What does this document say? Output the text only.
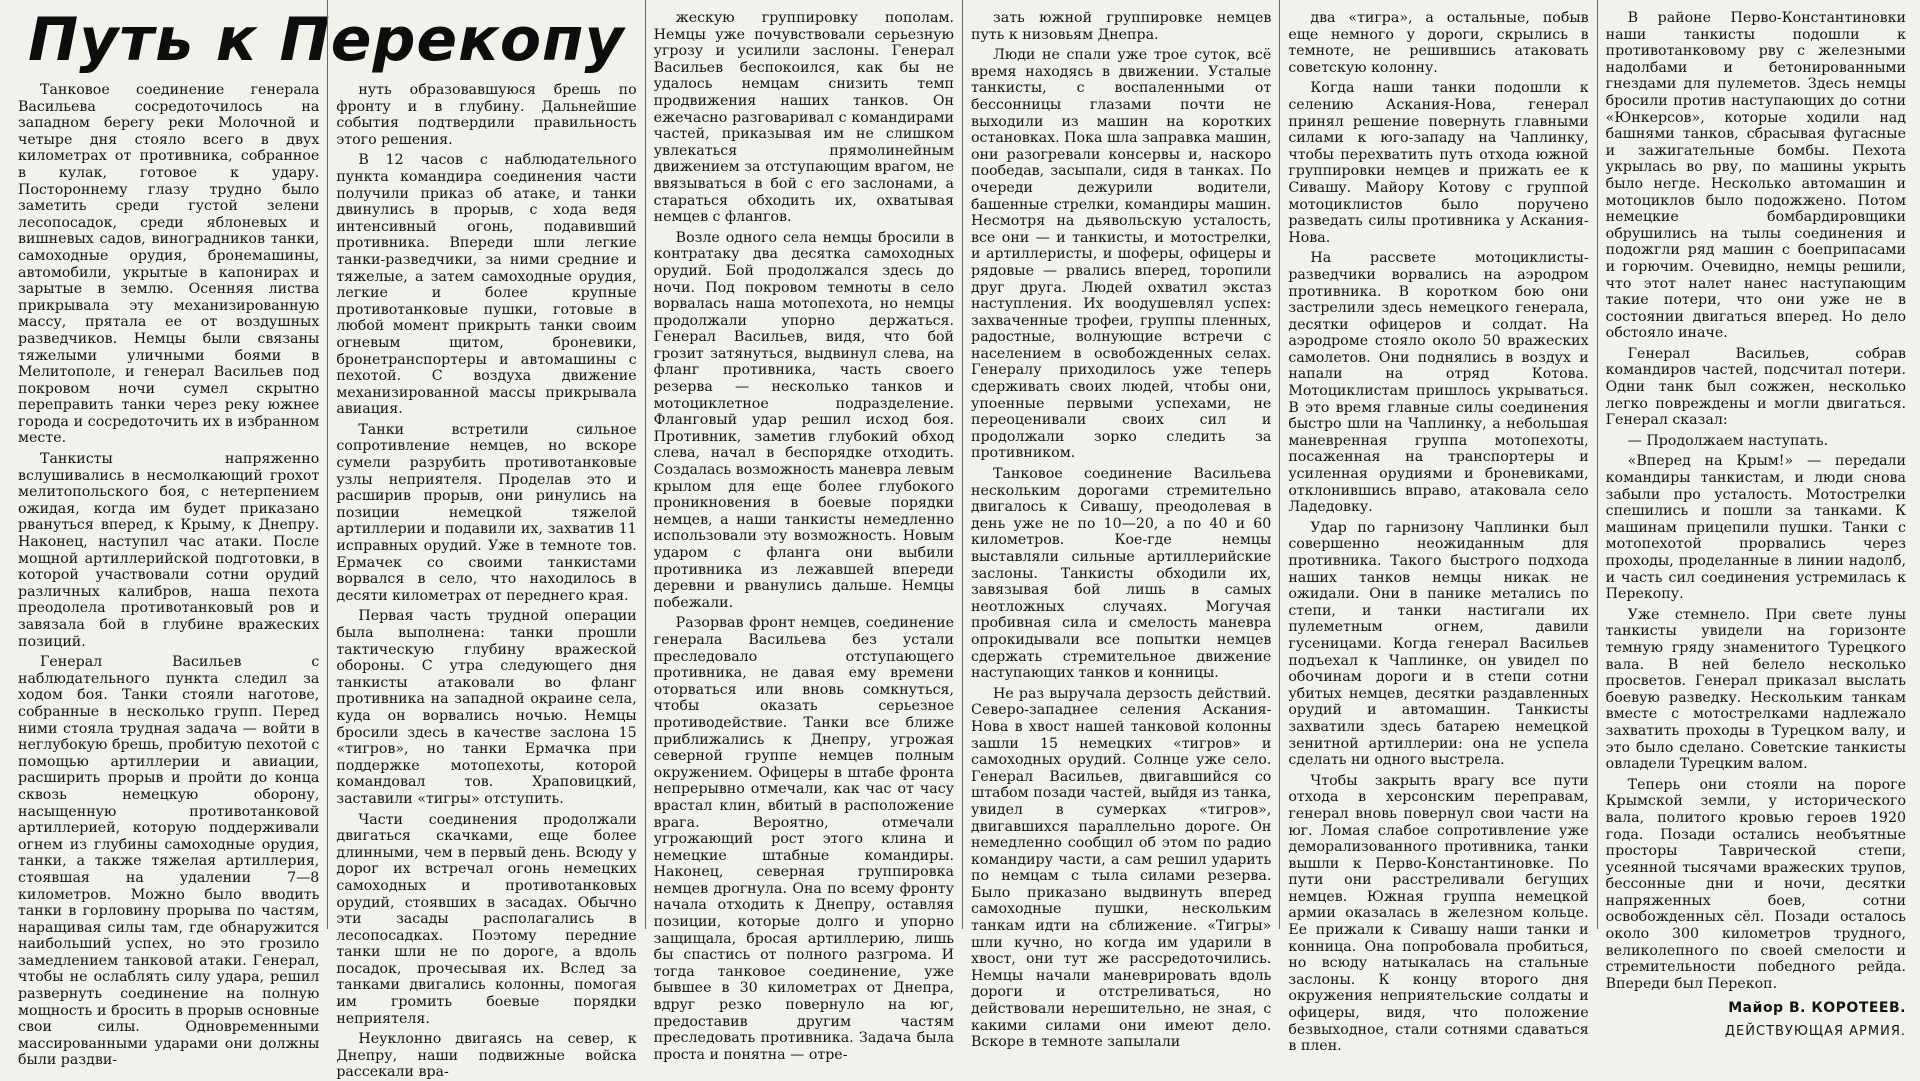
Путь к Перекопу

Танковое соединение генерала Васильева сосредоточилось на западном берегу реки Молочной и четыре дня стояло всего в двух километрах от противника, собранное в кулак, готовое к удару. Постороннему глазу трудно было заметить среди густой зелени лесопосадок, среди яблоневых и вишневых садов, виноградников танки, самоходные орудия, бронемашины, автомобили, укрытые в капонирах и зарытые в землю. Осенняя листва прикрывала эту механизированную массу, пряталa ее от воздушных разведчиков. Немцы были связаны тяжелыми уличными боями в Мелитополе, и генерал Васильев под покровом ночи сумел скрытно переправить танки через реку южнее города и сосредоточить их в избранном месте.

Танкисты напряженно вслушивались в несмолкающий грохот мелитопольского боя, с нетерпением ожидая, когда им будет приказано рвануться вперед, к Крыму, к Днепру. Наконец, наступил час атаки. После мощной артиллерийской подготовки, в которой участвовали сотни орудий различных калибров, наша пехота преодолела противотанковый ров и завязала бой в глубине вражеских позиций.

Генерал Васильев с наблюдательного пункта следил за ходом боя. Танки стояли наготове, собранные в несколько групп. Перед ними стояла трудная задача — войти в неглубокую брешь, пробитую пехотой с помощью артиллерии и авиации, расширить прорыв и пройти до конца сквозь немецкую оборону, насыщенную противотанковой артиллерией, которую поддерживали огнем из глубины самоходные орудия, танки, а также тяжелая артиллерия, стоявшая на удалении 7—8 километров. Можно было вводить танки в горловину прорыва по частям, наращивая силы там, где обнаружится наибольший успех, но это грозило замедлением танковой атаки. Генерал, чтобы не ослаблять силу удара, решил развернуть соединение на полную мощность и бросить в прорыв основные свои силы. Одновременными массированными ударами они должны были раздви-

нуть образовавшуюся брешь по фронту и в глубину. Дальнейшие события подтвердили правильность этого решения.

В 12 часов с наблюдательного пункта командира соединения части получили приказ об атаке, и танки двинулись в прорыв, с хода ведя интенсивный огонь, подавивший противника. Впереди шли легкие танки-разведчики, за ними средние и тяжелые, а затем самоходные орудия, легкие и более крупные противотанковые пушки, готовые в любой момент прикрыть танки своим огневым щитом, броневики, бронетранспортеры и автомашины с пехотой. С воздуха движение механизированной массы прикрывала авиация.

Танки встретили сильное сопротивление немцев, но вскоре сумели разрубить противотанковые узлы неприятеля. Проделав это и расширив прорыв, они ринулись на позиции немецкой тяжелой артиллерии и подавили их, захватив 11 исправных орудий. Уже в темноте тов. Ермачек со своими танкистами ворвался в село, что находилось в десяти километрах от переднего края.

Первая часть трудной операции была выполнена: танки прошли тактическую глубину вражеской обороны. С утра следующего дня танкисты атаковали во фланг противника на западной окраине села, куда он ворвались ночью. Немцы бросили здесь в качестве заслона 15 «тигров», но танки Ермачка при поддержке мотопехоты, которой командовал тов. Храповицкий, заставили «тигры» отступить.

Части соединения продолжали двигаться скачками, еще более длинными, чем в первый день. Всюду у дорог их встречал огонь немецких самоходных и противотанковых орудий, стоявших в засадах. Обычно эти засады располагались в лесопосадках. Поэтому передние танки шли не по дороге, а вдоль посадок, прочесывая их. Вслед за танками двигались колонны, помогая им громить боевые порядки неприятеля.

Неуклонно двигаясь на север, к Днепру, наши подвижные войска рассекали вра-

жескую группировку пополам. Немцы уже почувствовали серьезную угрозу и усилили заслоны. Генерал Васильев беспокоился, как бы не удалось немцам снизить темп продвижения наших танков. Он ежечасно разговаривал с командирами частей, приказывая им не слишком увлекаться прямолинейным движением за отступающим врагом, не ввязываться в бой с его заслонами, а стараться обходить их, охватывая немцев с флангов.

Возле одного села немцы бросили в контратаку два десятка самоходных орудий. Бой продолжался здесь до ночи. Под покровом темноты в село ворвалась наша мотопехота, но немцы продолжали упорно держаться. Генерал Васильев, видя, что бой грозит затянуться, выдвинул слева, на фланг противника, часть своего резерва — несколько танков и мотоциклетное подразделение. Фланговый удар решил исход боя. Противник, заметив глубокий обход слева, начал в беспорядке отходить. Создалась возможность маневра левым крылом для еще более глубокого проникновения в боевые порядки немцев, а наши танкисты немедленно использовали эту возможность. Новым ударом с фланга они выбили противника из лежавшей впереди деревни и рванулись дальше. Немцы побежали.

Разорвав фронт немцев, соединение генерала Васильева без устали преследовало отступающего противника, не давая ему времени оторваться или вновь сомкнуться, чтобы оказать серьезное противодействие. Танки все ближе приближались к Днепру, угрожая северной группе немцев полным окружением. Офицеры в штабе фронта непрерывно отмечали, как час от часу врастал клин, вбитый в расположение врага. Вероятно, отмечали угрожающий рост этого клина и немецкие штабные командиры. Наконец, северная группировка немцев дрогнула. Она по всему фронту начала отходить к Днепру, оставляя позиции, которые долго и упорно защищала, бросая артиллерию, лишь бы спастись от полного разгрома. И тогда танковое соединение, уже бывшее в 30 километрах от Днепра, вдруг резко повернуло на юг, предоставив другим частям преследовать противника. Задача была проста и понятна — отре-

зать южной группировке немцев путь к низовьям Днепра.

Люди не спали уже трое суток, всё время находясь в движении. Усталые танкисты, с воспаленными от бессонницы глазами почти не выходили из машин на коротких остановках. Пока шла заправка машин, они разогревали консервы и, наскоро пообедав, засыпали, сидя в танках. По очереди дежурили водители, башенные стрелки, командиры машин. Несмотря на дьявольскую усталость, все они — и танкисты, и мотострелки, и артиллеристы, и шоферы, офицеры и рядовые — рвались вперед, торопили друг друга. Людей охватил экстаз наступления. Их воодушевлял успех: захваченные трофеи, группы пленных, радостные, волнующие встречи с населением в освобожденных селах. Генералу приходилось уже теперь сдерживать своих людей, чтобы они, упоенные первыми успехами, не переоценивали своих сил и продолжали зорко следить за противником.

Танковое соединение Васильева нескольким дорогами стремительно двигалось к Сивашу, преодолевая в день уже не по 10—20, а по 40 и 60 километров. Кое-где немцы выставляли сильные артиллерийские заслоны. Танкисты обходили их, завязывая бой лишь в самых неотложных случаях. Могучая пробивная сила и смелость маневра опрокидывали все попытки немцев сдержать стремительное движение наступающих танков и конницы.

Не раз выручала дерзость действий. Северо-западнее селения Аскания-Нова в хвост нашей танковой колонны зашли 15 немецких «тигров» и самоходных орудий. Солнце уже село. Генерал Васильев, двигавшийся со штабом позади частей, выйдя из танка, увидел в сумерках «тигров», двигавшихся параллельно дороге. Он немедленно сообщил об этом по радио командиру части, а сам решил ударить по немцам с тыла силами резерва. Было приказано выдвинуть вперед самоходные пушки, нескольким танкам идти на сближение. «Тигры» шли кучно, но когда им ударили в хвост, они тут же рассредоточились. Немцы начали маневрировать вдоль дороги и отстреливаться, но действовали нерешительно, не зная, с какими силами они имеют дело. Вскоре в темноте запылали

два «тигра», а остальные, побыв еще немного у дороги, скрылись в темноте, не решившись атаковать советскую колонну.

Когда наши танки подошли к селению Аскания-Нова, генерал принял решение повернуть главными силами к юго-западу на Чаплинку, чтобы перехватить путь отхода южной группировки немцев и прижать ее к Сивашу. Майору Котову с группой мотоциклистов было поручено разведать силы противника у Аскания-Нова.

На рассвете мотоциклисты-разведчики ворвались на аэродром противника. В коротком бою они застрелили здесь немецкого генерала, десятки офицеров и солдат. На аэродроме стояло около 50 вражеских самолетов. Они поднялись в воздух и напали на отряд Котова. Мотоциклистам пришлось укрываться. В это время главные силы соединения быстро шли на Чаплинку, а небольшая маневренная группа мотопехоты, посаженная на транспортеры и усиленная орудиями и броневиками, отклонившись вправо, атаковала село Ладедовку.

Удар по гарнизону Чаплинки был совершенно неожиданным для противника. Такого быстрого подхода наших танков немцы никак не ожидали. Они в панике метались по степи, и танки настигали их пулеметным огнем, давили гусеницами. Когда генерал Васильев подъехал к Чаплинке, он увидел по обочинам дороги и в степи сотни убитых немцев, десятки раздавленных орудий и автомашин. Танкисты захватили здесь батарею немецкой зенитной артиллерии: она не успела сделать ни одного выстрела.

Чтобы закрыть врагу все пути отхода в херсонским переправам, генерал вновь повернул свои части на юг. Ломая слабое сопротивление уже деморализованного противника, танки вышли к Перво-Константиновке. По пути они расстреливали бегущих немцев. Южная группа немецкой армии оказалась в железном кольце. Ее прижали к Сивашу наши танки и конница. Она попробовала пробиться, но всюду натыкалась на стальные заслоны. К концу второго дня окружения неприятельские солдаты и офицеры, видя, что положение безвыходное, стали сотнями сдаваться в плен.

В районе Перво-Константиновки наши танкисты подошли к противотанковому рву с железными надолбами и бетонированными гнездами для пулеметов. Здесь немцы бросили против наступающих до сотни «Юнкерсов», которые ходили над башнями танков, сбрасывая фугасные и зажигательные бомбы. Пехота укрылась во рву, по машины укрыть было негде. Несколько автомашин и мотоциклов было подожжено. Потом немецкие бомбардировщики обрушились на тылы соединения и подожгли ряд машин с боеприпасами и горючим. Очевидно, немцы решили, что этот налет нанес наступающим такие потери, что они уже не в состоянии двигаться вперед. Но дело обстояло иначе.

Генерал Васильев, собрав командиров частей, подсчитал потери. Одни танк был сожжен, несколько легко повреждены и могли двигаться. Генерал сказал:

— Продолжаем наступать.

«Вперед на Крым!» — передали командиры танкистам, и люди снова забыли про усталость. Мотострелки спешились и пошли за танками. К машинам прицепили пушки. Танки с мотопехотой прорвались через проходы, проделанные в линии надолб, и часть сил соединения устремилась к Перекопу.

Уже стемнело. При свете луны танкисты увидели на горизонте темную гряду знаменитого Турецкого вала. В ней белело несколько просветов. Генерал приказал выслать боевую разведку. Нескольким танкам вместе с мотострелками надлежало захватить проходы в Турецком валу, и это было сделано. Советские танкисты овладели Турецким валом.

Теперь они стояли на пороге Крымской земли, у исторического вала, политого кровью героев 1920 года. Позади остались необъятные просторы Таврической степи, усеянной тысячами вражеских трупов, бессонные дни и ночи, десятки напряженных боев, сотни освобожденных сёл. Позади осталось около 300 километров трудного, великолепного по своей смелости и стремительности победного рейда. Впереди был Перекоп.

Майор В. КОРОТЕЕВ.
ДЕЙСТВУЮЩАЯ АРМИЯ.
